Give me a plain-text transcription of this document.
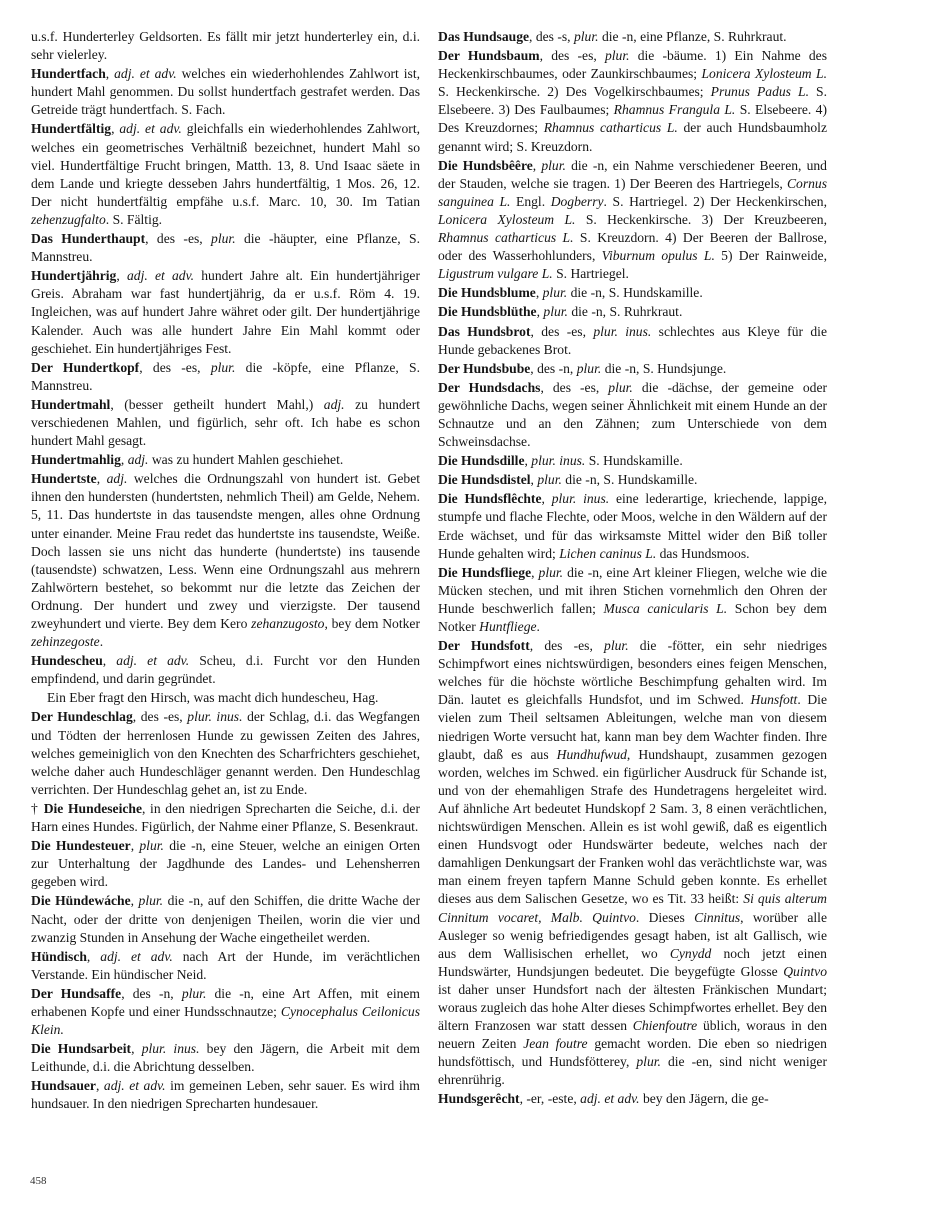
u.s.f. Hunderterley Geldsorten. Es fällt mir jetzt hunderterley ein, d.i. sehr vielerley.
Hundertfach, adj. et adv. welches ein wiederhohlendes Zahlwort ist, hundert Mahl genommen. Du sollst hundertfach gestrafet werden. Das Getreide trägt hundertfach. S. Fach.
Hundertfältig, adj. et adv. gleichfalls ein wiederhohlendes Zahlwort, welches ein geometrisches Verhältniß bezeichnet, hundert Mahl so viel. Hundertfältige Frucht bringen, Matth. 13, 8. Und Isaac säete in dem Lande und kriegte desseben Jahrs hundertfältig, 1 Mos. 26, 12. Der nicht hundertfältig empfähe u.s.f. Marc. 10, 30. Im Tatian zehenzugfalto. S. Fältig.
Das Hunderthaupt, des -es, plur. die -häupter, eine Pflanze, S. Mannstreu.
Hundertjährig, adj. et adv. hundert Jahre alt. Ein hundertjähriger Greis. Abraham war fast hundertjährig, da er u.s.f. Röm 4. 19. Ingleichen, was auf hundert Jahre währet oder gilt. Der hundertjährige Kalender. Auch was alle hundert Jahre Ein Mahl kommt oder geschiehet. Ein hundertjähriges Fest.
Der Hundertkopf, des -es, plur. die -köpfe, eine Pflanze, S. Mannstreu.
Hundertmahl, (besser getheilt hundert Mahl,) adj. zu hundert verschiedenen Mahlen, und figürlich, sehr oft. Ich habe es schon hundert Mahl gesagt.
Hundertmahlig, adj. was zu hundert Mahlen geschiehet.
Hundertste, adj. welches die Ordnungszahl von hundert ist. Gebet ihnen den hundersten (hundertsten, nehmlich Theil) am Gelde, Nehem. 5, 11. Das hundertste in das tausendste mengen, alles ohne Ordnung unter einander. Meine Frau redet das hundertste ins tausendste, Weiße. Doch lassen sie uns nicht das hunderte (hundertste) ins tausende (tausendste) schwatzen, Less. Wenn eine Ordnungszahl aus mehrern Zahlwörtern bestehet, so bekommt nur die letzte das Zeichen der Ordnung. Der hundert und zwey und vierzigste. Der tausend zweyhundert und vierte. Bey dem Kero zehanzugosto, bey dem Notker zehinzegoste.
Hundescheu, adj. et adv. Scheu, d.i. Furcht vor den Hunden empfindend, und darin gegründet.
Ein Eber fragt den Hirsch, was macht dich hundescheu, Hag.
Der Hundeschlag, des -es, plur. inus. der Schlag, d.i. das Wegfangen und Tödten der herrenlosen Hunde zu gewissen Zeiten des Jahres, welches gemeiniglich von den Knechten des Scharfrichters geschiehet, welche daher auch Hundeschläger genannt werden. Den Hundeschlag verrichten. Der Hundeschlag gehet an, ist zu Ende.
† Die Hundeseiche, in den niedrigen Sprecharten die Seiche, d.i. der Harn eines Hundes. Figürlich, der Nahme einer Pflanze, S. Besenkraut.
Die Hundesteuer, plur. die -n, eine Steuer, welche an einigen Orten zur Unterhaltung der Jagdhunde des Landes- und Lehensherren gegeben wird.
Die Hündewáche, plur. die -n, auf den Schiffen, die dritte Wache der Nacht, oder der dritte von denjenigen Theilen, worin die vier und zwanzig Stunden in Ansehung der Wache eingetheilet werden.
Hündisch, adj. et adv. nach Art der Hunde, im verächtlichen Verstande. Ein hündischer Neid.
Der Hundsaffe, des -n, plur. die -n, eine Art Affen, mit einem erhabenen Kopfe und einer Hundsschnautze; Cynocephalus Ceilonicus Klein.
Die Hundsarbeit, plur. inus. bey den Jägern, die Arbeit mit dem Leithunde, d.i. die Abrichtung desselben.
Hundsauer, adj. et adv. im gemeinen Leben, sehr sauer. Es wird ihm hundsauer. In den niedrigen Sprecharten hundesauer.
Das Hundsauge, des -s, plur. die -n, eine Pflanze, S. Ruhrkraut.
Der Hundsbaum, des -es, plur. die -bäume. 1) Ein Nahme des Heckenkirschbaumes, oder Zaunkirschbaumes; Lonicera Xylosteum L. S. Heckenkirsche. 2) Des Vogelkirschbaumes; Prunus Padus L. S. Elsebeere. 3) Des Faulbaumes; Rhamnus Frangula L. S. Elsebeere. 4) Des Kreuzdornes; Rhamnus catharticus L. der auch Hundsbaumholz genannt wird; S. Kreuzdorn.
Die Hundsbêêre, plur. die -n, ein Nahme verschiedener Beeren, und der Stauden, welche sie tragen. 1) Der Beeren des Hartriegels, Cornus sanguinea L. Engl. Dogberry. S. Hartriegel. 2) Der Heckenkirschen, Lonicera Xylosteum L. S. Heckenkirsche. 3) Der Kreuzbeeren, Rhamnus catharticus L. S. Kreuzdorn. 4) Der Beeren der Ballrose, oder des Wasserhohlunders, Viburnum opulus L. 5) Der Rainweide, Ligustrum vulgare L. S. Hartriegel.
Die Hundsblume, plur. die -n, S. Hundskamille.
Die Hundsblüthe, plur. die -n, S. Ruhrkraut.
Das Hundsbrot, des -es, plur. inus. schlechtes aus Kleye für die Hunde gebackenes Brot.
Der Hundsbube, des -n, plur. die -n, S. Hundsjunge.
Der Hundsdachs, des -es, plur. die -dächse, der gemeine oder gewöhnliche Dachs, wegen seiner Ähnlichkeit mit einem Hunde an der Schnautze und an den Zähnen; zum Unterschiede von dem Schweinsdachse.
Die Hundsdille, plur. inus. S. Hundskamille.
Die Hundsdistel, plur. die -n, S. Hundskamille.
Die Hundsflêchte, plur. inus. eine lederartige, kriechende, lappige, stumpfe und flache Flechte, oder Moos, welche in den Wäldern auf der Erde wächset, und für das wirksamste Mittel wider den Biß toller Hunde gehalten wird; Lichen caninus L. das Hundsmoos.
Die Hundsfliege, plur. die -n, eine Art kleiner Fliegen, welche wie die Mücken stechen, und mit ihren Stichen vornehmlich den Ohren der Hunde beschwerlich fallen; Musca canicularis L. Schon bey dem Notker Huntfliege.
Der Hundsfott, des -es, plur. die -fötter, ein sehr niedriges Schimpfwort eines nichtswürdigen, besonders eines feigen Menschen, welches für die höchste wörtliche Beschimpfung gehalten wird. Im Dän. lautet es gleichfalls Hundsfot, und im Schwed. Hunsfott. Die vielen zum Theil seltsamen Ableitungen, welche man von diesem niedrigen Worte versucht hat, kann man bey dem Wachter finden. Ihre glaubt, daß es aus Hundhufwud, Hundshaupt, zusammen gezogen worden, welches im Schwed. ein figürlicher Ausdruck für Schande ist, und von der ehemahligen Strafe des Hundetragens hergeleitet wird. Auf ähnliche Art bedeutet Hundskopf 2 Sam. 3, 8 einen verächtlichen, nichtswürdigen Menschen. Allein es ist wohl gewiß, daß es eigentlich einen Hundsvogt oder Hundswärter bedeute, welches nach der damahligen Denkungsart der Franken wohl das verächtlichste war, was man einem freyen tapfern Manne Schuld geben konnte. Es erhellet dieses aus dem Salischen Gesetze, wo es Tit. 33 heißt: Si quis alterum Cinnitum vocaret, Malb. Quintvo. Dieses Cinnitus, worüber alle Ausleger so wenig befriedigendes gesagt haben, ist alt Gallisch, wie aus dem Wallisischen erhellet, wo Cynydd noch jetzt einen Hundswärter, Hundsjungen bedeutet. Die beygefügte Glosse Quintvo ist daher unser Hundsfort nach der ältesten Fränkischen Mundart; woraus zugleich das hohe Alter dieses Schimpfwortes erhellet. Bey den ältern Franzosen war statt dessen Chienfoutre üblich, woraus in den neuern Zeiten Jean foutre gemacht worden. Die eben so niedrigen hundsföttisch, und Hundsfötterey, plur. die -en, sind nicht weniger ehrenrührig.
Hundsgerêcht, -er, -este, adj. et adv. bey den Jägern, die ge-
458
